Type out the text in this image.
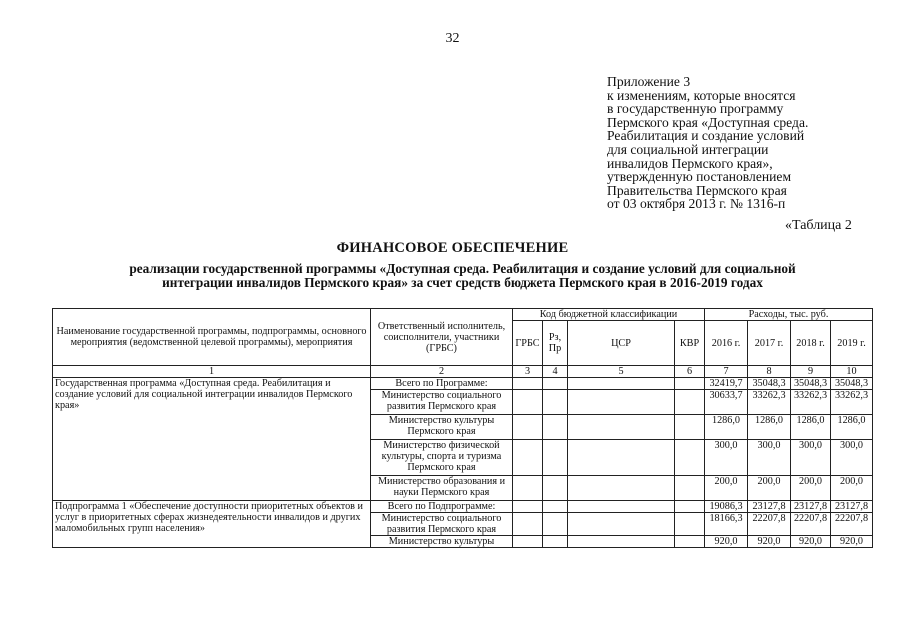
32
Приложение 3
к изменениям, которые вносятся
в государственную программу
Пермского края «Доступная среда.
Реабилитация и создание условий
для социальной интеграции
инвалидов Пермского края»,
утвержденную постановлением
Правительства Пермского края
от 03 октября 2013 г. № 1316-п
«Таблица 2
ФИНАНСОВОЕ ОБЕСПЕЧЕНИЕ
реализации государственной программы «Доступная среда. Реабилитация и создание условий для социальной
интеграции инвалидов Пермского края» за счет средств бюджета Пермского края в 2016-2019 годах
Наименование государственной программы, подпрограммы, основного мероприятия (ведомственной целевой программы), мероприятия	Ответственный исполнитель, соисполнители, участники (ГРБС)	Код бюджетной классификации				Расходы, тыс. руб.			
		ГРБС	Рз, Пр	ЦСР	КВР	2016 г.	2017 г.	2018 г.	2019 г.
1	2	3	4	5	6	7	8	9	10
Государственная программа «Доступная среда. Реабилитация и создание условий для социальной интеграции инвалидов Пермского края»	Всего по Программе:					32419,7	35048,3	35048,3	35048,3
	Министерство социального развития Пермского края					30633,7	33262,3	33262,3	33262,3
	Министерство культуры Пермского края					1286,0	1286,0	1286,0	1286,0
	Министерство физической культуры, спорта и туризма Пермского края					300,0	300,0	300,0	300,0
	Министерство образования и науки Пермского края					200,0	200,0	200,0	200,0
Подпрограмма 1 «Обеспечение доступности приоритетных объектов и услуг в приоритетных сферах жизнедеятельности инвалидов и других маломобильных групп населения»	Всего по Подпрограмме:					19086,3	23127,8	23127,8	23127,8
	Министерство социального развития Пермского края					18166,3	22207,8	22207,8	22207,8
	Министерство культуры					920,0	920,0	920,0	920,0
